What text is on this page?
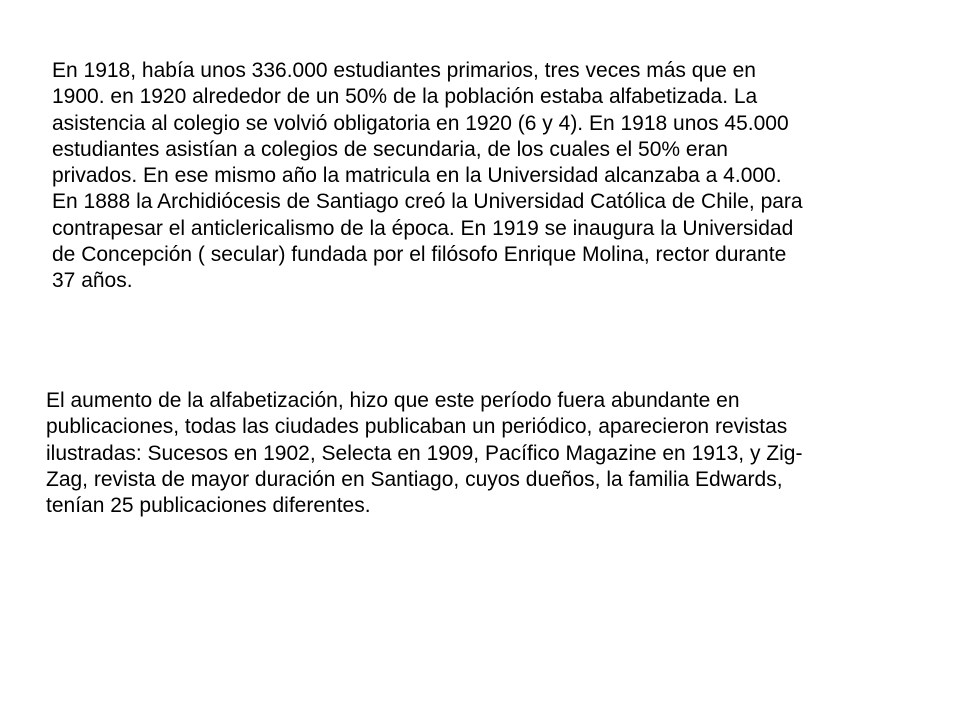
En 1918, había unos 336.000 estudiantes primarios, tres veces más que en
1900. en 1920 alrededor de un 50% de la población estaba alfabetizada. La
asistencia al colegio se volvió obligatoria en 1920 (6 y 4). En 1918 unos 45.000
estudiantes asistían a colegios de secundaria, de los cuales el 50% eran
privados. En ese mismo año la matricula en la Universidad alcanzaba a 4.000.
En 1888 la Archidiócesis de Santiago creó la Universidad Católica de Chile, para
contrapesar el anticlericalismo de la época. En 1919 se inaugura la Universidad
de Concepción ( secular) fundada por el filósofo Enrique Molina, rector durante
37 años.

El aumento de la alfabetización, hizo que este período fuera abundante en
publicaciones, todas las ciudades publicaban un periódico, aparecieron revistas
ilustradas: Sucesos en 1902, Selecta en 1909, Pacífico Magazine en 1913, y Zig-
Zag, revista de mayor duración en Santiago, cuyos dueños, la familia Edwards,
tenían 25 publicaciones diferentes.
